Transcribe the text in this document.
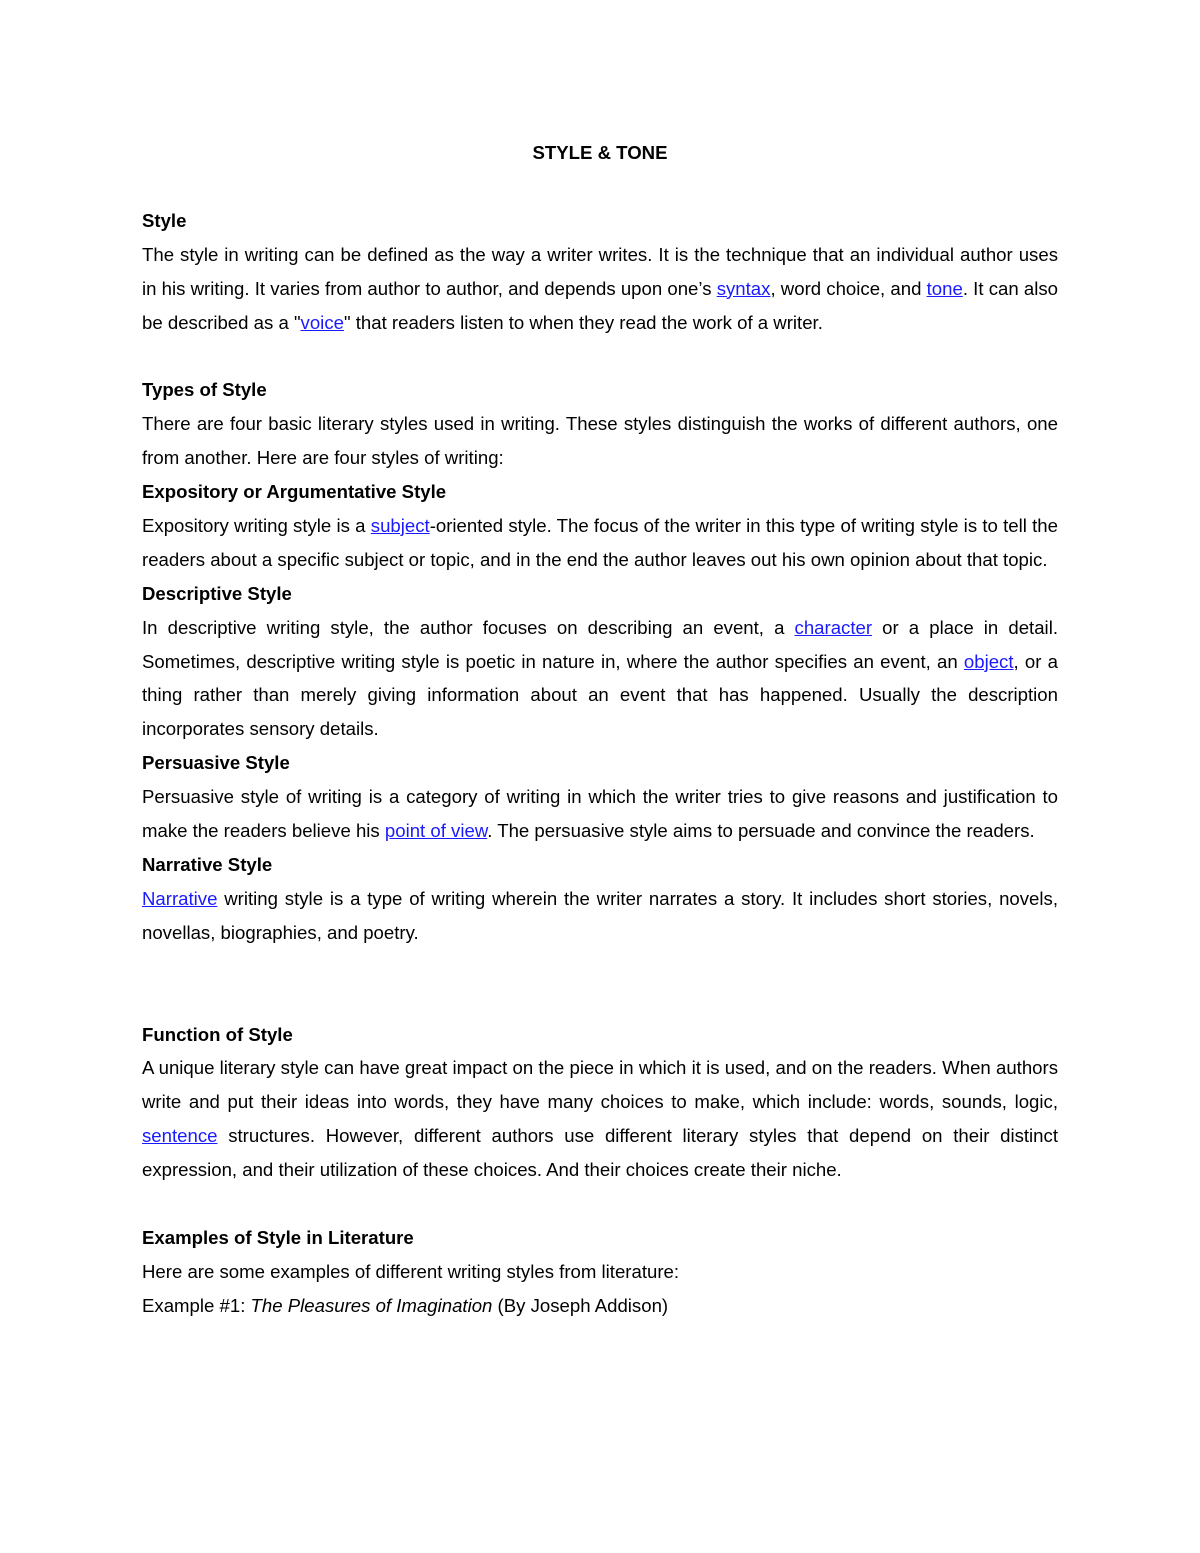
STYLE & TONE
Style

The style in writing can be defined as the way a writer writes. It is the technique that an individual author uses in his writing. It varies from author to author, and depends upon one’s syntax, word choice, and tone. It can also be described as a "voice" that readers listen to when they read the work of a writer.

Types of Style

There are four basic literary styles used in writing. These styles distinguish the works of different authors, one from another. Here are four styles of writing:

Expository or Argumentative Style

Expository writing style is a subject-oriented style. The focus of the writer in this type of writing style is to tell the readers about a specific subject or topic, and in the end the author leaves out his own opinion about that topic.

Descriptive Style

In descriptive writing style, the author focuses on describing an event, a character or a place in detail. Sometimes, descriptive writing style is poetic in nature in, where the author specifies an event, an object, or a thing rather than merely giving information about an event that has happened. Usually the description incorporates sensory details.

Persuasive Style

Persuasive style of writing is a category of writing in which the writer tries to give reasons and justification to make the readers believe his point of view. The persuasive style aims to persuade and convince the readers.

Narrative Style

Narrative writing style is a type of writing wherein the writer narrates a story. It includes short stories, novels, novellas, biographies, and poetry.

Function of Style

A unique literary style can have great impact on the piece in which it is used, and on the readers. When authors write and put their ideas into words, they have many choices to make, which include: words, sounds, logic, sentence structures. However, different authors use different literary styles that depend on their distinct expression, and their utilization of these choices. And their choices create their niche.

Examples of Style in Literature

Here are some examples of different writing styles from literature:

Example #1: The Pleasures of Imagination (By Joseph Addison)
